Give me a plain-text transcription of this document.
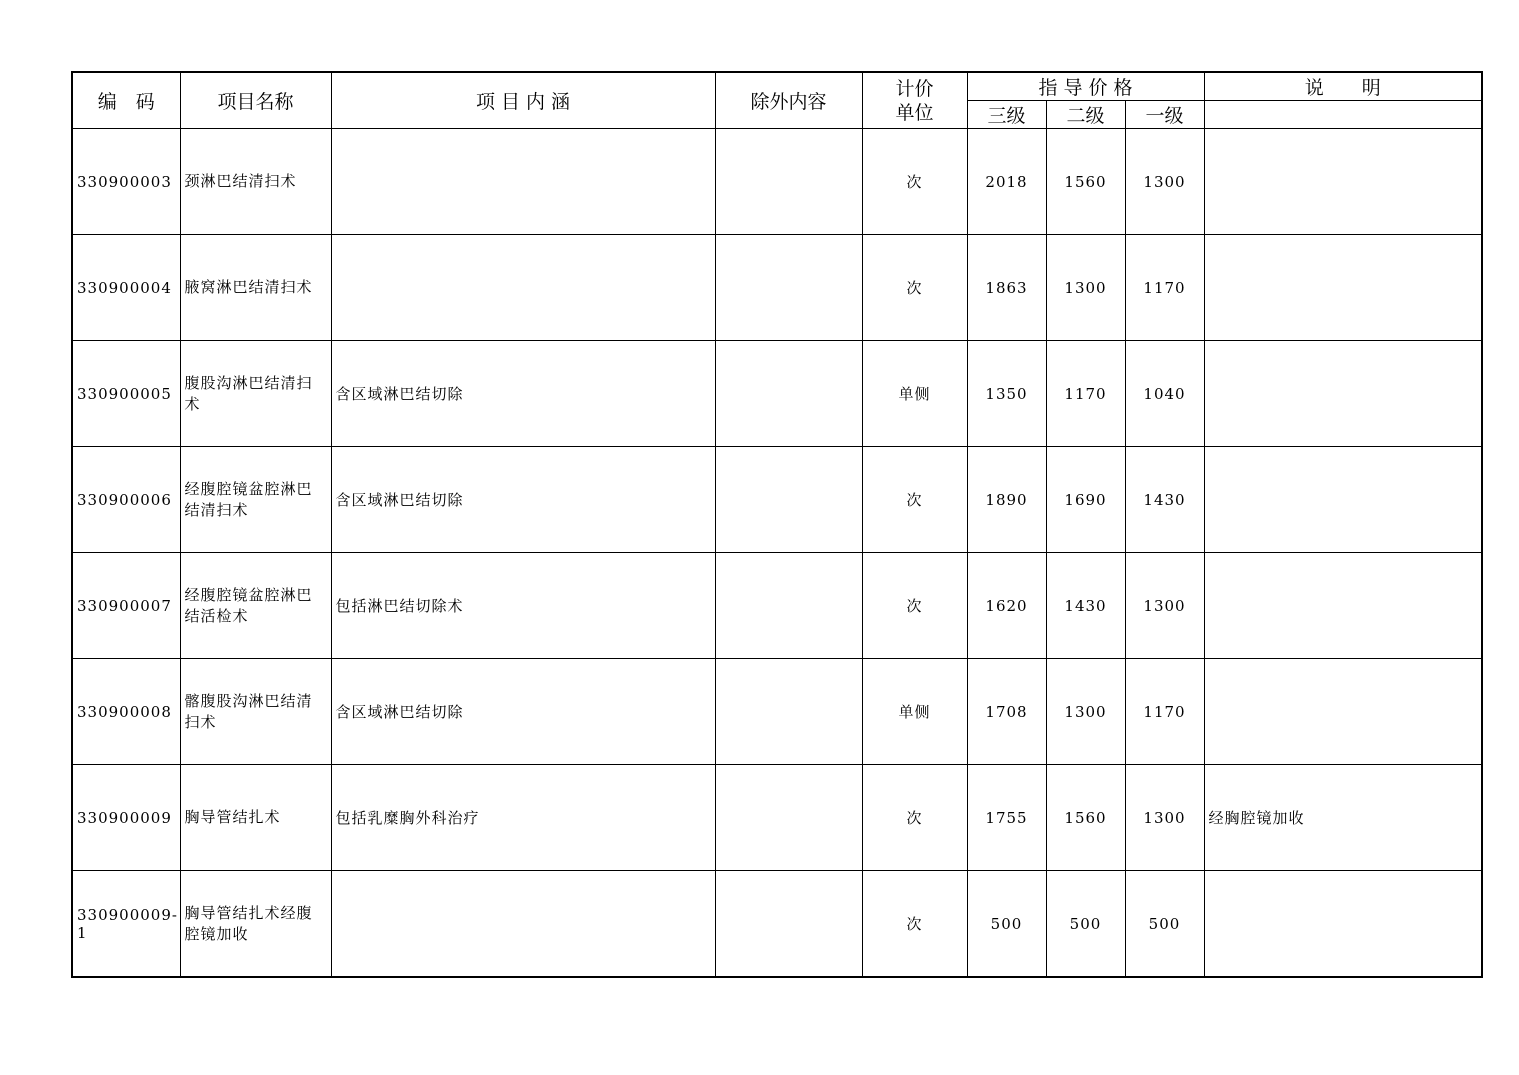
编　码	项目名称	项 目 内 涵	除外内容	计价
单位	指 导 价 格			说　　明
					三级	二级	一级	
330900003	颈淋巴结清扫术			次	2018	1560	1300	
330900004	腋窝淋巴结清扫术			次	1863	1300	1170	
330900005	腹股沟淋巴结清扫术	含区域淋巴结切除		单侧	1350	1170	1040	
330900006	经腹腔镜盆腔淋巴结清扫术	含区域淋巴结切除		次	1890	1690	1430	
330900007	经腹腔镜盆腔淋巴结活检术	包括淋巴结切除术		次	1620	1430	1300	
330900008	髂腹股沟淋巴结清扫术	含区域淋巴结切除		单侧	1708	1300	1170	
330900009	胸导管结扎术	包括乳糜胸外科治疗		次	1755	1560	1300	经胸腔镜加收
330900009-1	胸导管结扎术经腹腔镜加收			次	500	500	500	
